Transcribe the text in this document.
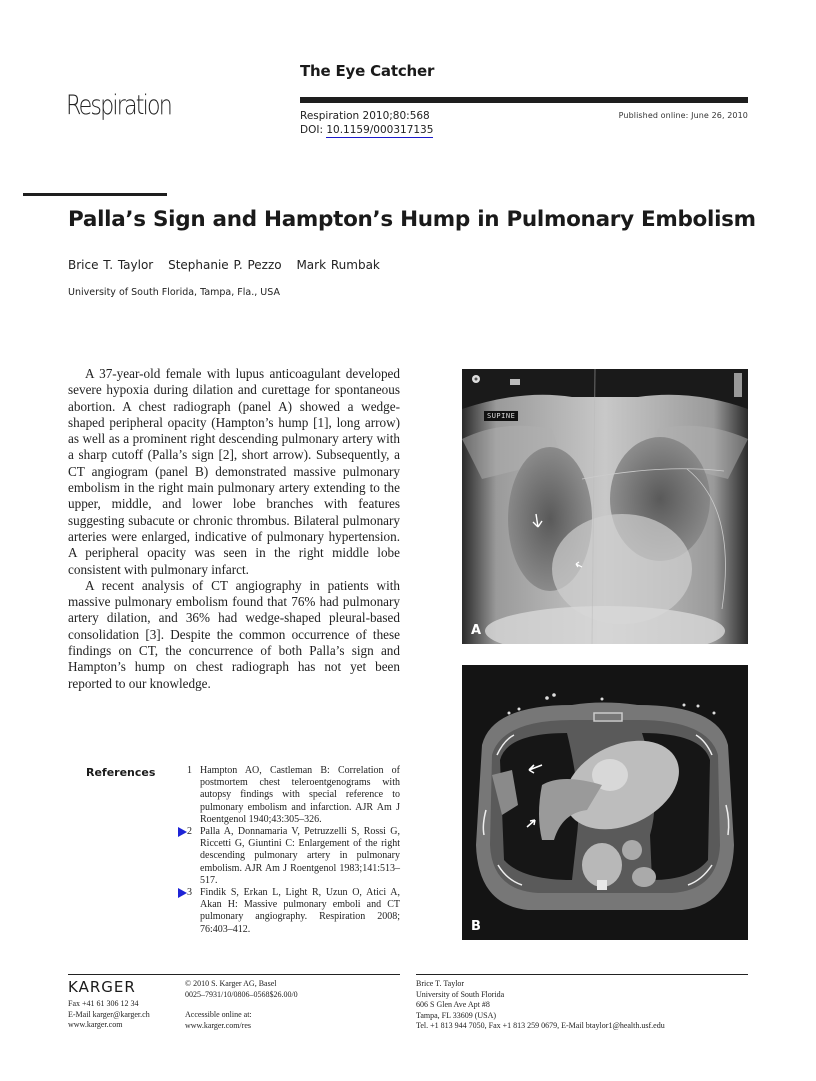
The Eye Catcher
Respiration	Respiration 2010;80:568
DOI: 10.1159/000317135
Published online: June 26, 2010
Palla’s Sign and Hampton’s Hump in Pulmonary Embolism
Brice T. Taylor Stephanie P. Pezzo Mark Rumbak
University of South Florida, Tampa, Fla., USA

A 37-year-old female with lupus anticoagulant developed severe hypoxia during dilation and curettage for spontaneous abortion. A chest radiograph (panel A) showed a wedge-shaped peripheral opacity (Hampton’s hump [1], long arrow) as well as a prominent right descending pulmonary artery with a sharp cutoff (Palla’s sign [2], short arrow). Subsequently, a CT angiogram (panel B) demonstrated massive pulmonary embolism in the right main pulmonary artery extending to the upper, middle, and lower lobe branches with features suggesting subacute or chronic thrombus. Bilateral pulmonary arteries were enlarged, indicative of pulmonary hypertension. A peripheral opacity was seen in the right middle lobe consistent with pulmonary infarct.

A recent analysis of CT angiography in patients with massive pulmonary embolism found that 76% had pulmonary artery dilation, and 36% had wedge-shaped pleural-based consolidation [3]. Despite the common occurrence of these findings on CT, the concurrence of both Palla’s sign and Hampton’s hump on chest radiograph has not yet been reported to our knowledge.

References	1 Hampton AO, Castleman B: Correlation of postmortem chest teleroentgenograms with autopsy findings with special reference to pulmonary embolism and infarction. AJR Am J Roentgenol 1940;43:305–326.
2 Palla A, Donnamaria V, Petruzzelli S, Rossi G, Riccetti G, Giuntini C: Enlargement of the right descending pulmonary artery in pulmonary embolism. AJR Am J Roentgenol 1983;141:513–517.
3 Findik S, Erkan L, Light R, Uzun O, Atici A, Akan H: Massive pulmonary emboli and CT pulmonary angiography. Respiration 2008; 76:403–412.
SUPINE
A
B
KARGER
Fax +41 61 306 12 34
E-Mail karger@karger.ch
www.karger.com
© 2010 S. Karger AG, Basel
0025–7931/10/0806–0568$26.00/0
Accessible online at:
www.karger.com/res
Brice T. Taylor
University of South Florida
606 S Glen Ave Apt #8
Tampa, FL 33609 (USA)
Tel. +1 813 944 7050, Fax +1 813 259 0679, E-Mail btaylor1@health.usf.edu
